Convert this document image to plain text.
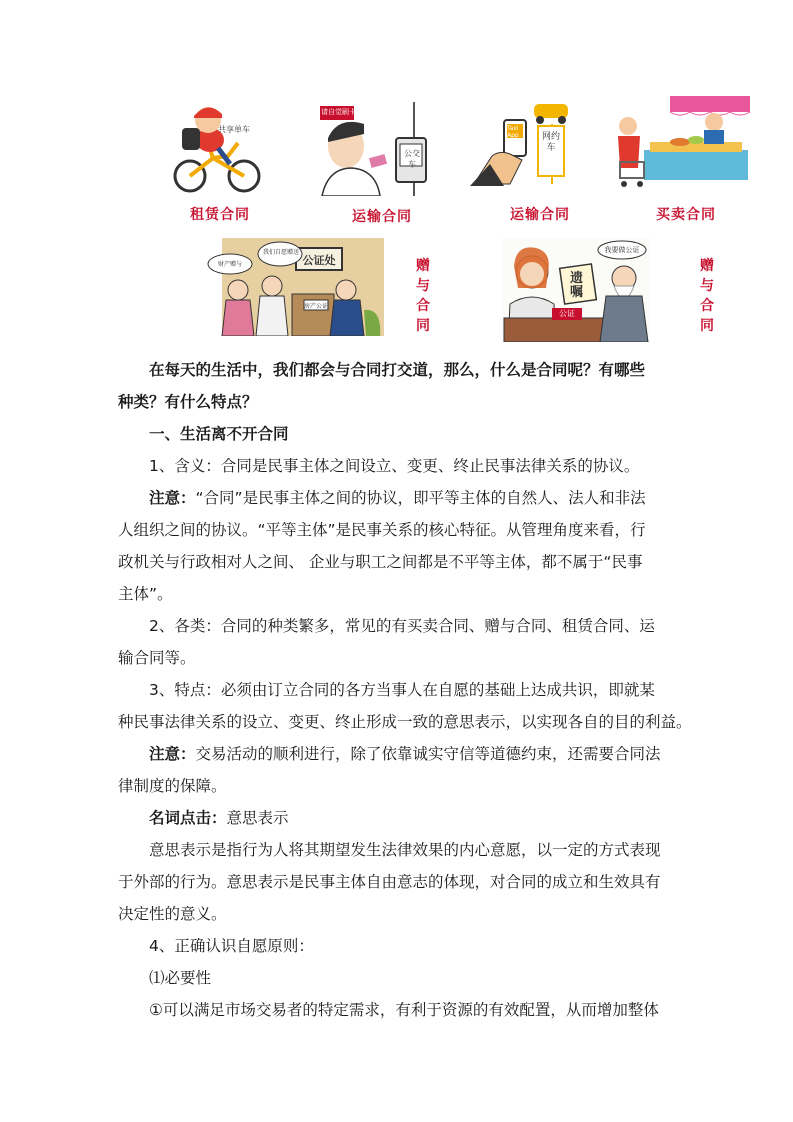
共享单车
租赁合同
请自觉刷卡
公交车
运输合同
Taxi App	网约车
运输合同	买卖合同
公证处
我们自愿赠送
财产赠与
房产公证
赠
与
合
同
我要做公证
遗嘱
公证
赠
与
合
同
在每天的生活中，我们都会与合同打交道，那么，什么是合同呢？有哪些
种类？有什么特点？
一、生活离不开合同
1、含义：合同是民事主体之间设立、变更、终止民事法律关系的协议。
注意：“合同”是民事主体之间的协议，即平等主体的自然人、法人和非法
人组织之间的协议。“平等主体”是民事关系的核心特征。从管理角度来看，行
政机关与行政相对人之间、 企业与职工之间都是不平等主体，都不属于“民事
主体”。
2、各类：合同的种类繁多，常见的有买卖合同、赠与合同、租赁合同、运
输合同等。
3、特点：必须由订立合同的各方当事人在自愿的基础上达成共识，即就某
种民事法律关系的设立、变更、终止形成一致的意思表示，以实现各自的目的利益。
注意：交易活动的顺利进行，除了依靠诚实守信等道德约束，还需要合同法
律制度的保障。
名词点击：意思表示
意思表示是指行为人将其期望发生法律效果的内心意愿，以一定的方式表现
于外部的行为。意思表示是民事主体自由意志的体现，对合同的成立和生效具有
决定性的意义。
4、正确认识自愿原则：
⑴必要性
①可以满足市场交易者的特定需求，有利于资源的有效配置，从而增加整体
